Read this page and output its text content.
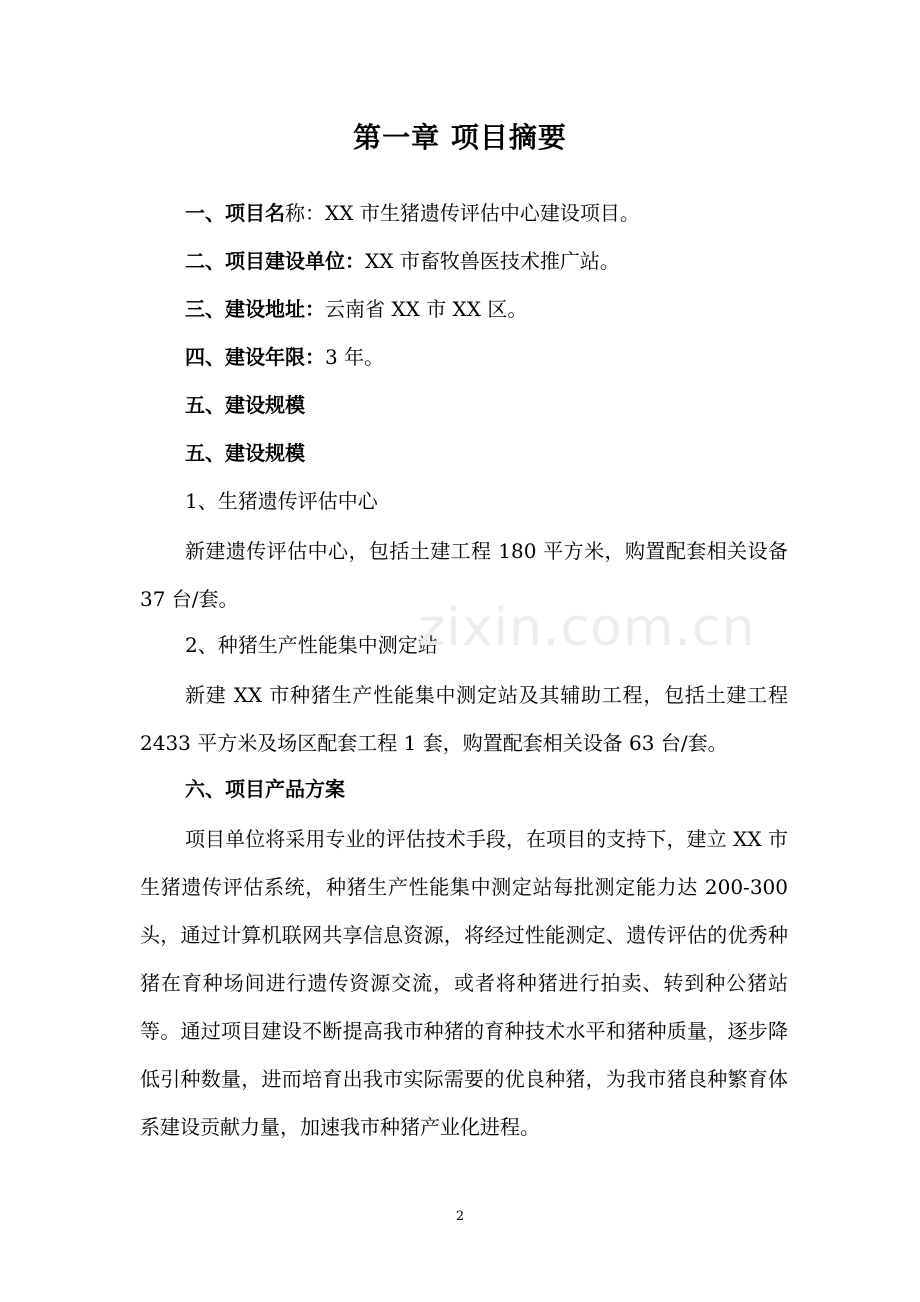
第一章 项目摘要
一、项目名称：XX 市生猪遗传评估中心建设项目。
二、项目建设单位：XX 市畜牧兽医技术推广站。
三、建设地址：云南省 XX 市 XX 区。
四、建设年限：3 年。
五、建设规模
五、建设规模
1、生猪遗传评估中心
新建遗传评估中心，包括土建工程 180 平方米，购置配套相关设备 37 台/套。
2、种猪生产性能集中测定站
新建 XX 市种猪生产性能集中测定站及其辅助工程，包括土建工程 2433 平方米及场区配套工程 1 套，购置配套相关设备 63 台/套。
六、项目产品方案
项目单位将采用专业的评估技术手段，在项目的支持下，建立 XX 市生猪遗传评估系统，种猪生产性能集中测定站每批测定能力达 200-300 头，通过计算机联网共享信息资源，将经过性能测定、遗传评估的优秀种猪在育种场间进行遗传资源交流，或者将种猪进行拍卖、转到种公猪站等。通过项目建设不断提高我市种猪的育种技术水平和猪种质量，逐步降低引种数量，进而培育出我市实际需要的优良种猪，为我市猪良种繁育体系建设贡献力量，加速我市种猪产业化进程。
zixin.com.cn
2
